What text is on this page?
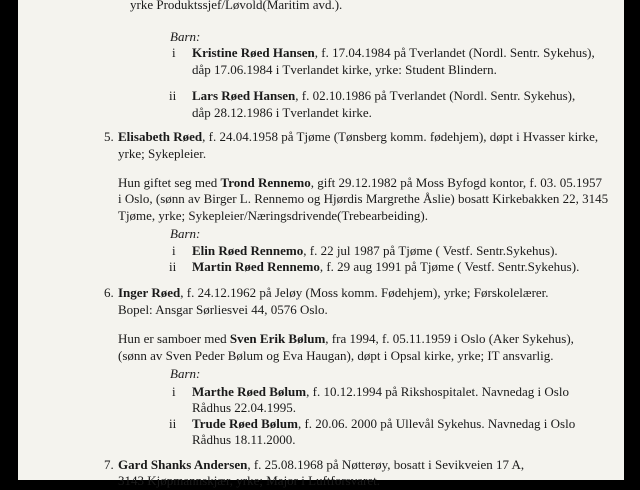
yrke Produktssjef/Løvold(Maritim avd.).
Barn:
i Kristine Røed Hansen, f. 17.04.1984 på Tverlandet (Nordl. Sentr. Sykehus),
dåp 17.06.1984 i Tverlandet kirke, yrke: Student Blindern.
ii Lars Røed Hansen, f. 02.10.1986 på Tverlandet (Nordl. Sentr. Sykehus),
dåp 28.12.1986 i Tverlandet kirke.
5. Elisabeth Røed, f. 24.04.1958 på Tjøme (Tønsberg komm. fødehjem), døpt i Hvasser kirke,
yrke; Sykepleier.
Hun giftet seg med Trond Rennemo, gift 29.12.1982 på Moss Byfogd kontor, f. 03. 05.1957
i Oslo, (sønn av Birger L. Rennemo og Hjørdis Margrethe Åslie) bosatt Kirkebakken 22, 3145
Tjøme, yrke; Sykepleier/Næringsdrivende(Trebearbeiding).
Barn:
i Elin Røed Rennemo, f. 22 jul 1987 på Tjøme ( Vestf. Sentr.Sykehus).
ii Martin Røed Rennemo, f. 29 aug 1991 på Tjøme ( Vestf. Sentr.Sykehus).
6. Inger Røed, f. 24.12.1962 på Jeløy (Moss komm. Fødehjem), yrke; Førskolelærer.
Bopel: Ansgar Sørliesvei 44, 0576 Oslo.
Hun er samboer med Sven Erik Bølum, fra 1994, f. 05.11.1959 i Oslo (Aker Sykehus),
(sønn av Sven Peder Bølum og Eva Haugan), døpt i Opsal kirke, yrke; IT ansvarlig.
Barn:
i Marthe Røed Bølum, f. 10.12.1994 på Rikshospitalet. Navnedag i Oslo
Rådhus 22.04.1995.
ii Trude Røed Bølum, f. 20.06. 2000 på Ullevål Sykehus. Navnedag i Oslo
Rådhus 18.11.2000.
7. Gard Shanks Andersen, f. 25.08.1968 på Nøtterøy, bosatt i Sevikveien 17 A,
3143 Kjøpmannskjær, yrke; Major i Luftforsvaret.
